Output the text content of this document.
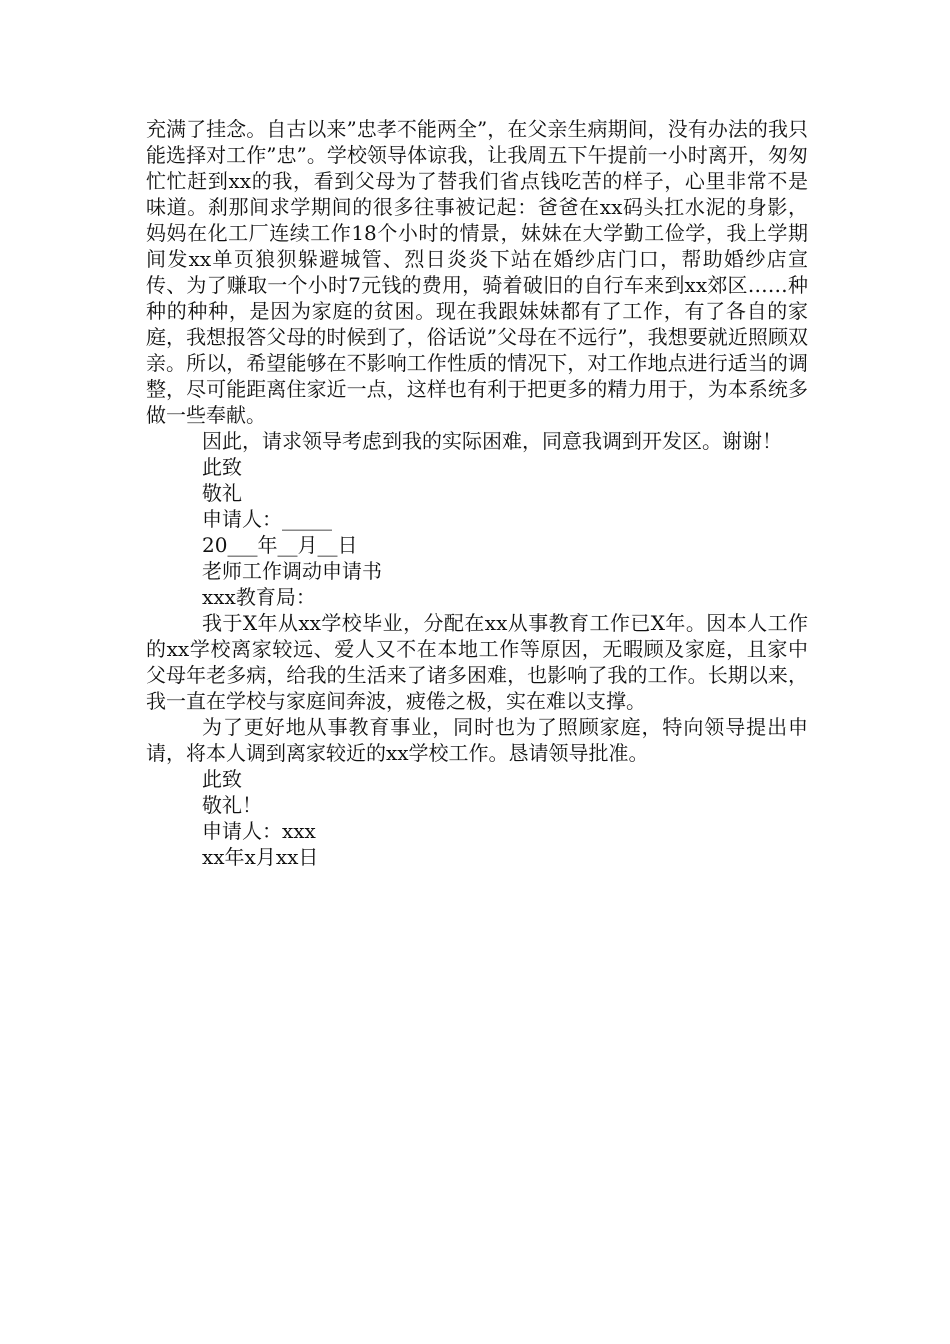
充满了挂念。自古以来”忠孝不能两全”，在父亲生病期间，没有办法的我只能选择对工作”忠”。学校领导体谅我，让我周五下午提前一小时离开，匆匆忙忙赶到xx的我，看到父母为了替我们省点钱吃苦的样子，心里非常不是味道。刹那间求学期间的很多往事被记起：爸爸在xx码头扛水泥的身影，妈妈在化工厂连续工作18个小时的情景，妹妹在大学勤工俭学，我上学期间发xx单页狼狈躲避城管、烈日炎炎下站在婚纱店门口，帮助婚纱店宣传、为了赚取一个小时7元钱的费用，骑着破旧的自行车来到xx郊区……种种的种种，是因为家庭的贫困。现在我跟妹妹都有了工作，有了各自的家庭，我想报答父母的时候到了，俗话说”父母在不远行”，我想要就近照顾双亲。所以，希望能够在不影响工作性质的情况下，对工作地点进行适当的调整，尽可能距离住家近一点，这样也有利于把更多的精力用于，为本系统多做一些奉献。

因此，请求领导考虑到我的实际困难，同意我调到开发区。谢谢！

此致

敬礼

申请人：_____

20___年__月__日

老师工作调动申请书

xxx教育局：

我于X年从xx学校毕业，分配在xx从事教育工作已X年。因本人工作的xx学校离家较远、爱人又不在本地工作等原因，无暇顾及家庭，且家中父母年老多病，给我的生活来了诸多困难，也影响了我的工作。长期以来，我一直在学校与家庭间奔波，疲倦之极，实在难以支撑。

为了更好地从事教育事业，同时也为了照顾家庭，特向领导提出申请，将本人调到离家较近的xx学校工作。恳请领导批准。

此致

敬礼！

申请人：xxx

xx年x月xx日
